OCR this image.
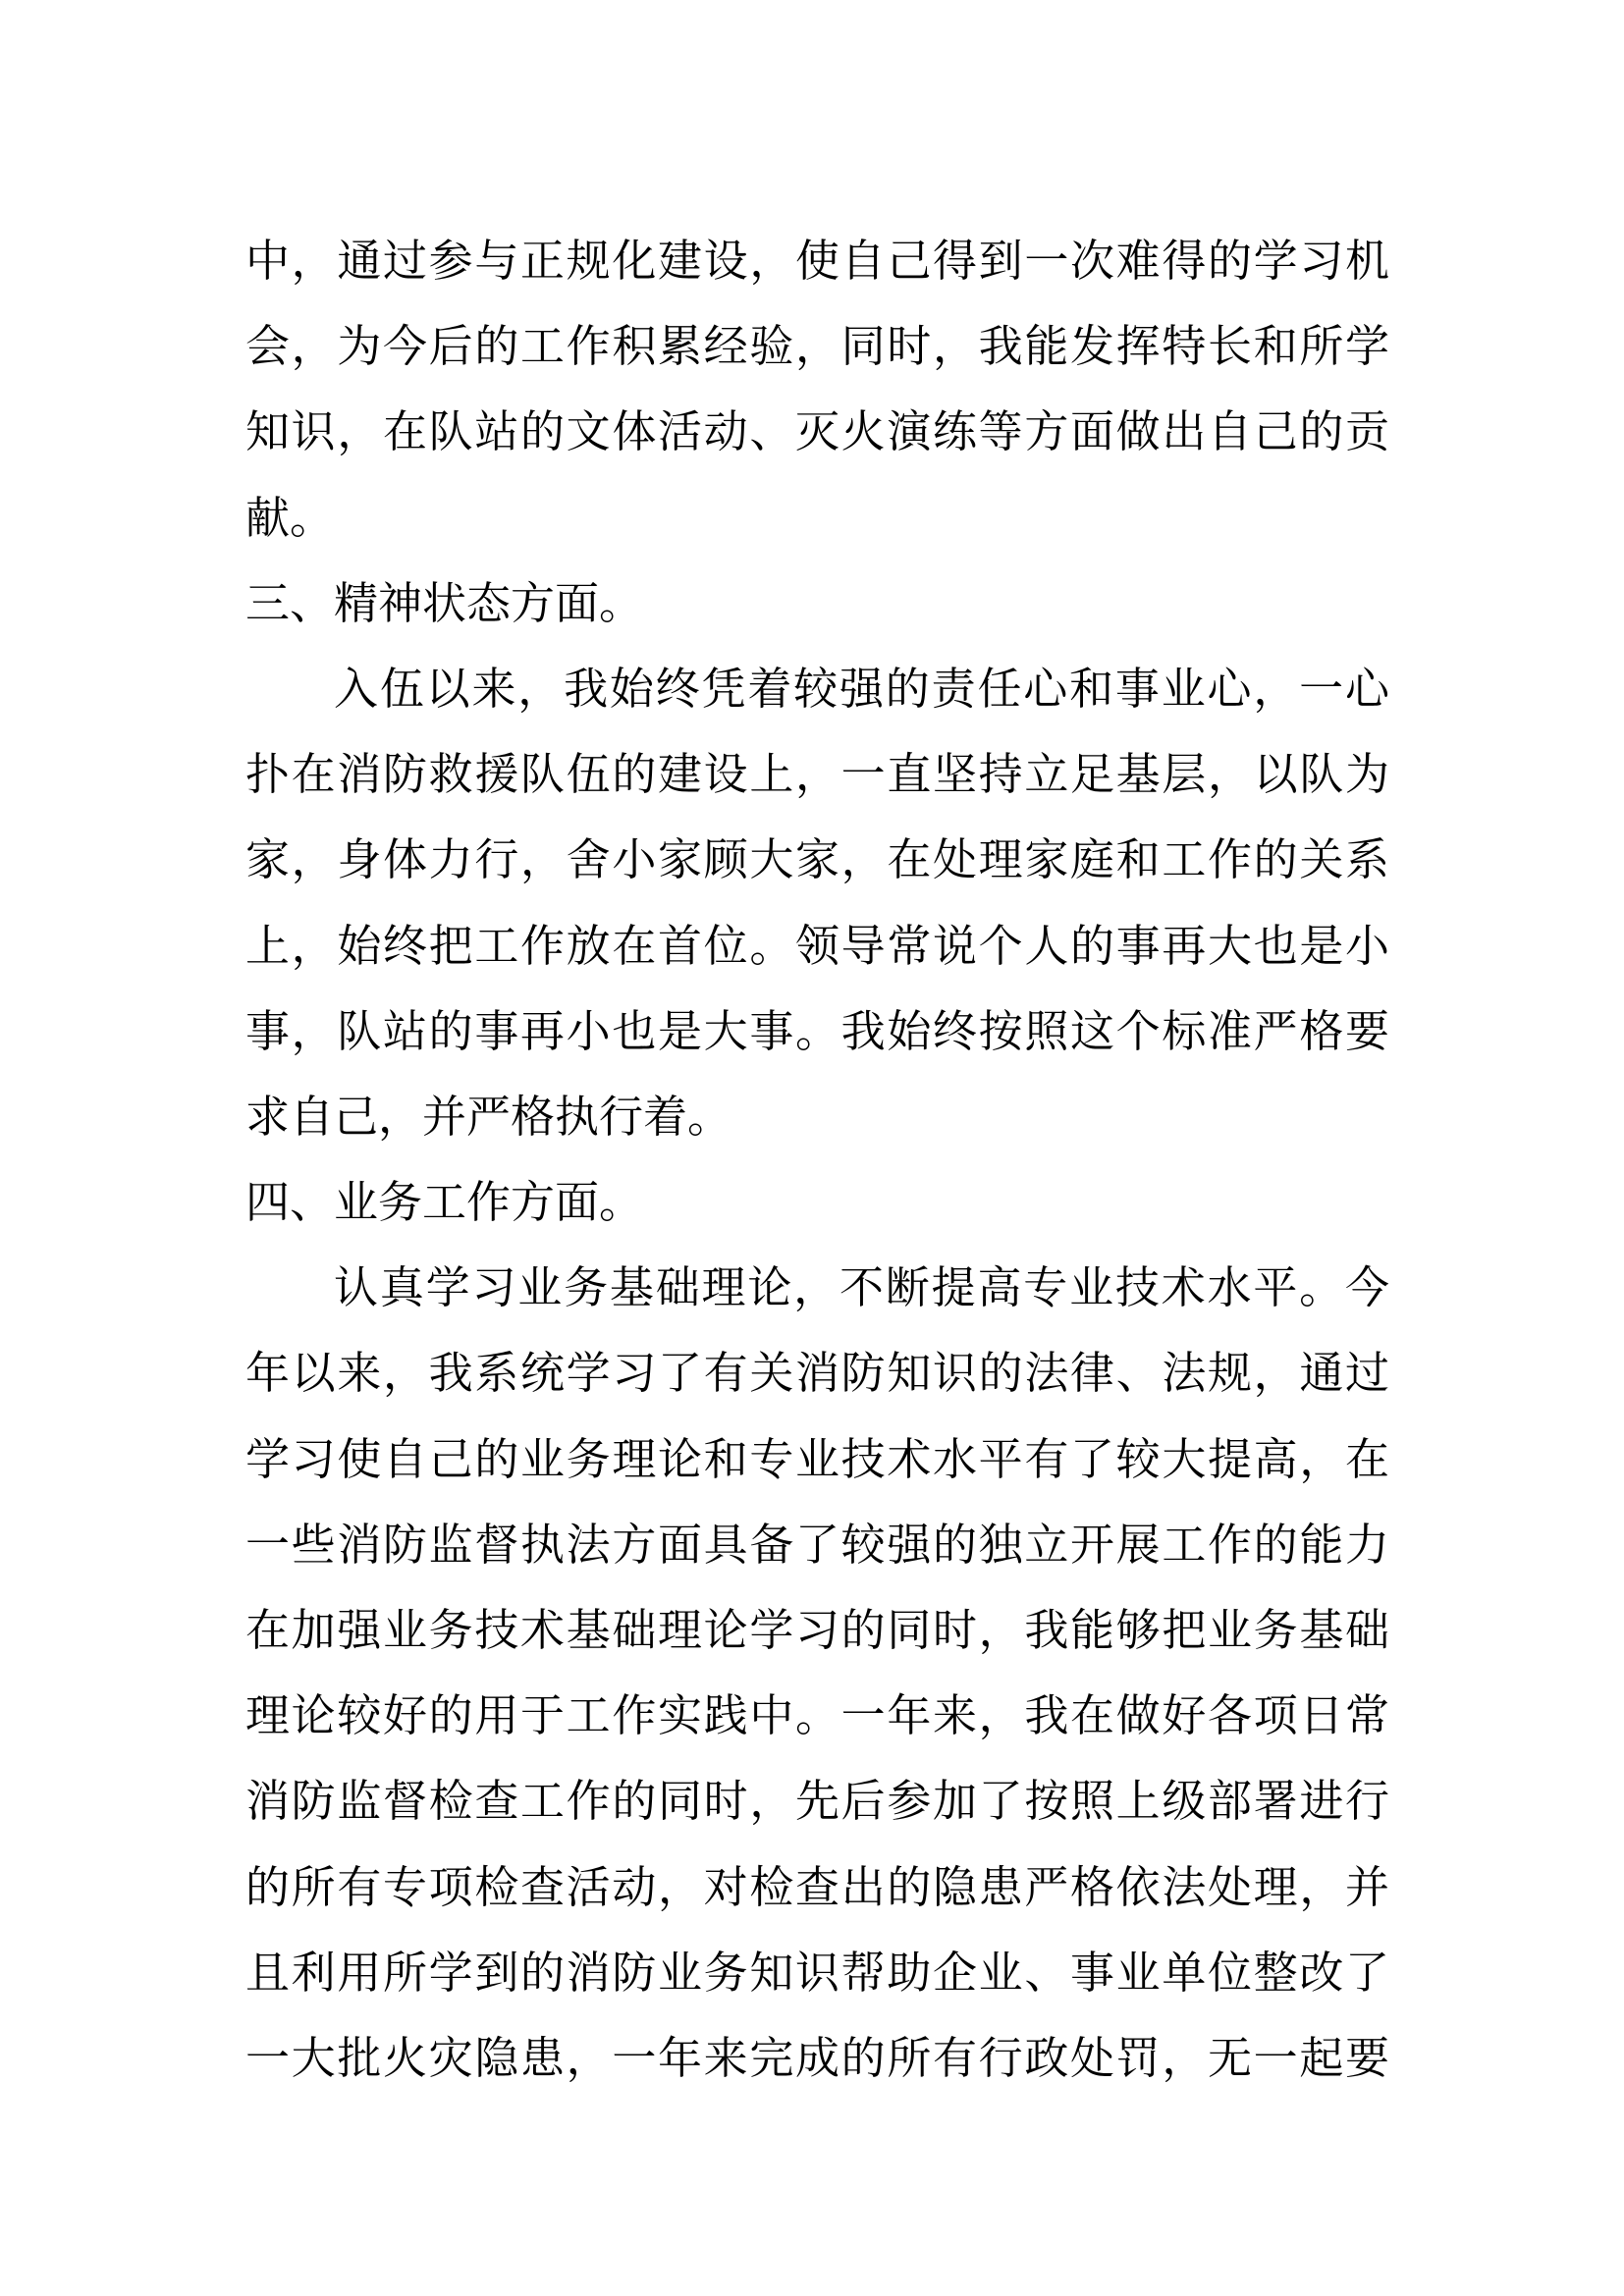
中，通过参与正规化建设，使自己得到一次难得的学习机
会，为今后的工作积累经验，同时，我能发挥特长和所学
知识，在队站的文体活动、灭火演练等方面做出自己的贡
献。
三、精神状态方面。
入伍以来，我始终凭着较强的责任心和事业心，一心
扑在消防救援队伍的建设上，一直坚持立足基层，以队为
家，身体力行，舍小家顾大家，在处理家庭和工作的关系
上，始终把工作放在首位。领导常说个人的事再大也是小
事，队站的事再小也是大事。我始终按照这个标准严格要
求自己，并严格执行着。
四、业务工作方面。
认真学习业务基础理论，不断提高专业技术水平。今
年以来，我系统学习了有关消防知识的法律、法规，通过
学习使自己的业务理论和专业技术水平有了较大提高，在
一些消防监督执法方面具备了较强的独立开展工作的能力
在加强业务技术基础理论学习的同时，我能够把业务基础
理论较好的用于工作实践中。一年来，我在做好各项日常
消防监督检查工作的同时，先后参加了按照上级部署进行
的所有专项检查活动，对检查出的隐患严格依法处理，并
且利用所学到的消防业务知识帮助企业、事业单位整改了
一大批火灾隐患，一年来完成的所有行政处罚，无一起要
